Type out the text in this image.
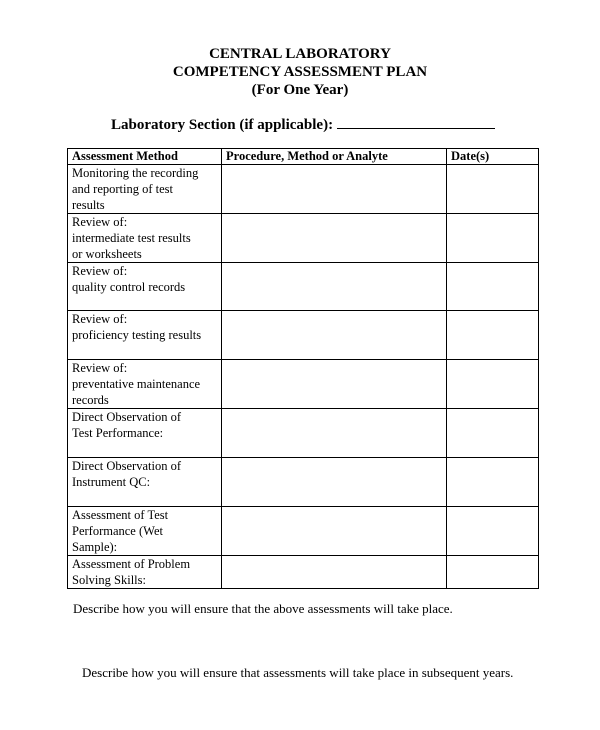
CENTRAL LABORATORY
COMPETENCY ASSESSMENT PLAN
(For One Year)
Laboratory Section (if applicable):
Assessment Method	Procedure, Method or Analyte	Date(s)

Monitoring the recording
and reporting of test
results		

Review of:
intermediate test results
or worksheets		

Review of:
quality control records		

Review of:
proficiency testing results		

Review of:
preventative maintenance
records		

Direct Observation of
Test Performance:		

Direct Observation of
Instrument QC:		

Assessment of Test
Performance (Wet
Sample):		

Assessment of Problem
Solving Skills:		

Describe how you will ensure that the above assessments will take place.
Describe how you will ensure that assessments will take place in subsequent years.
